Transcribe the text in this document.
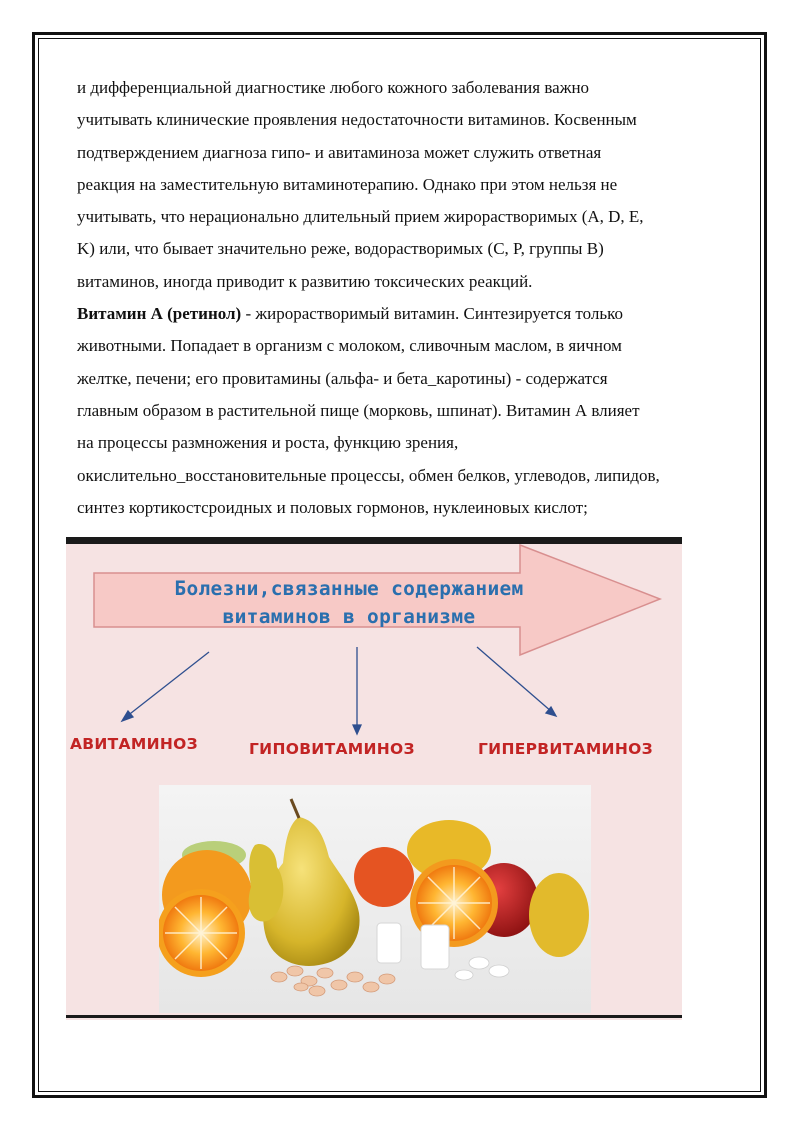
и дифференциальной диагностике любого кожного заболевания важно
учитывать клинические проявления недостаточности витаминов. Косвенным
подтверждением диагноза гипо- и авитаминоза может служить ответная
реакция на заместительную витаминотерапию. Однако при этом нельзя не
учитывать, что нерационально длительный прием жирорастворимых (A, D, E,
K) или, что бывает значительно реже, водорастворимых (C, P, группы B)
витаминов, иногда приводит к развитию токсических реакций.
Витамин А (ретинол) - жирорастворимый витамин. Синтезируется только
животными. Попадает в организм с молоком, сливочным маслом, в яичном
желтке, печени; его провитамины (альфа- и бета_каротины) - содержатся
главным образом в растительной пище (морковь, шпинат). Витамин А влияет
на процессы размножения и роста, функцию зрения,
окислительно_восстановительные процессы, обмен белков, углеводов, липидов,
синтез кортикостсроидных и половых гормонов, нуклеиновых кислот;
Болезни,связанные содержанием
витаминов в организме
АВИТАМИНОЗ	ГИПОВИТАМИНОЗ	ГИПЕРВИТАМИНОЗ
